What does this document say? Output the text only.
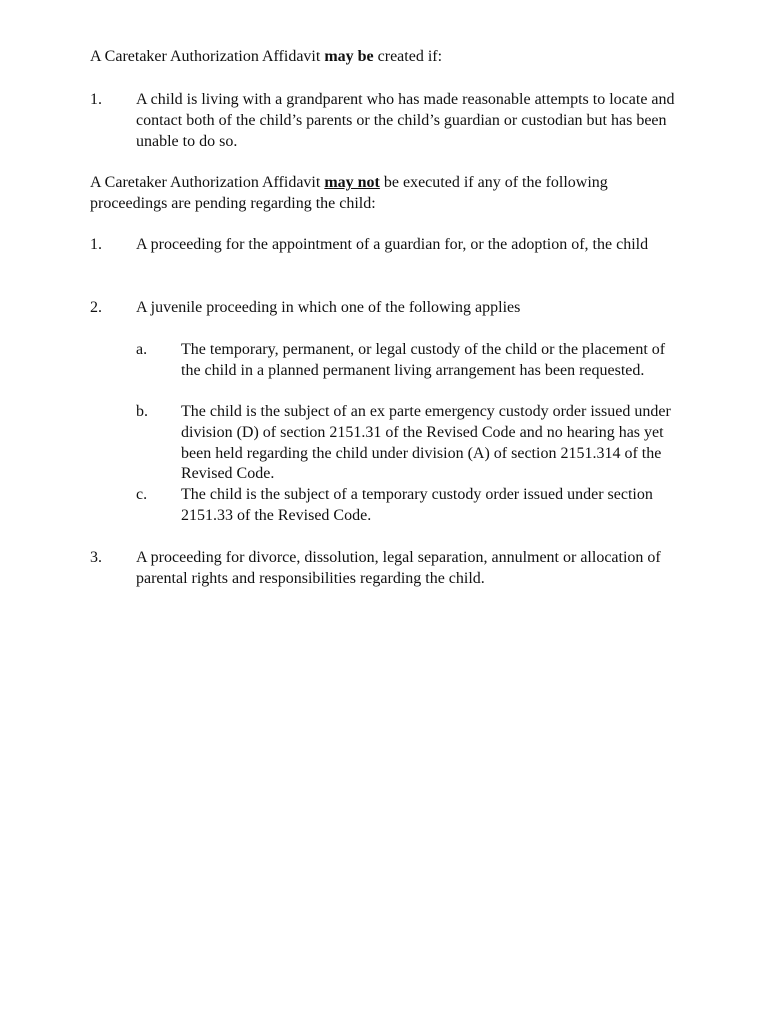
A Caretaker Authorization Affidavit may be created if:

1.	A child is living with a grandparent who has made reasonable attempts to locate and contact both of the child’s parents or the child’s guardian or custodian but has been unable to do so.

A Caretaker Authorization Affidavit may not be executed if any of the following proceedings are pending regarding the child:

1.	A proceeding for the appointment of a guardian for, or the adoption of, the child
2.	A juvenile proceeding in which one of the following applies
a.	The temporary, permanent, or legal custody of the child or the placement of the child in a planned permanent living arrangement has been requested.
b.	The child is the subject of an ex parte emergency custody order issued under division (D) of section 2151.31 of the Revised Code and no hearing has yet been held regarding the child under division (A) of section 2151.314 of the Revised Code.
c.	The child is the subject of a temporary custody order issued under section 2151.33 of the Revised Code.
3.	A proceeding for divorce, dissolution, legal separation, annulment or allocation of parental rights and responsibilities regarding the child.
